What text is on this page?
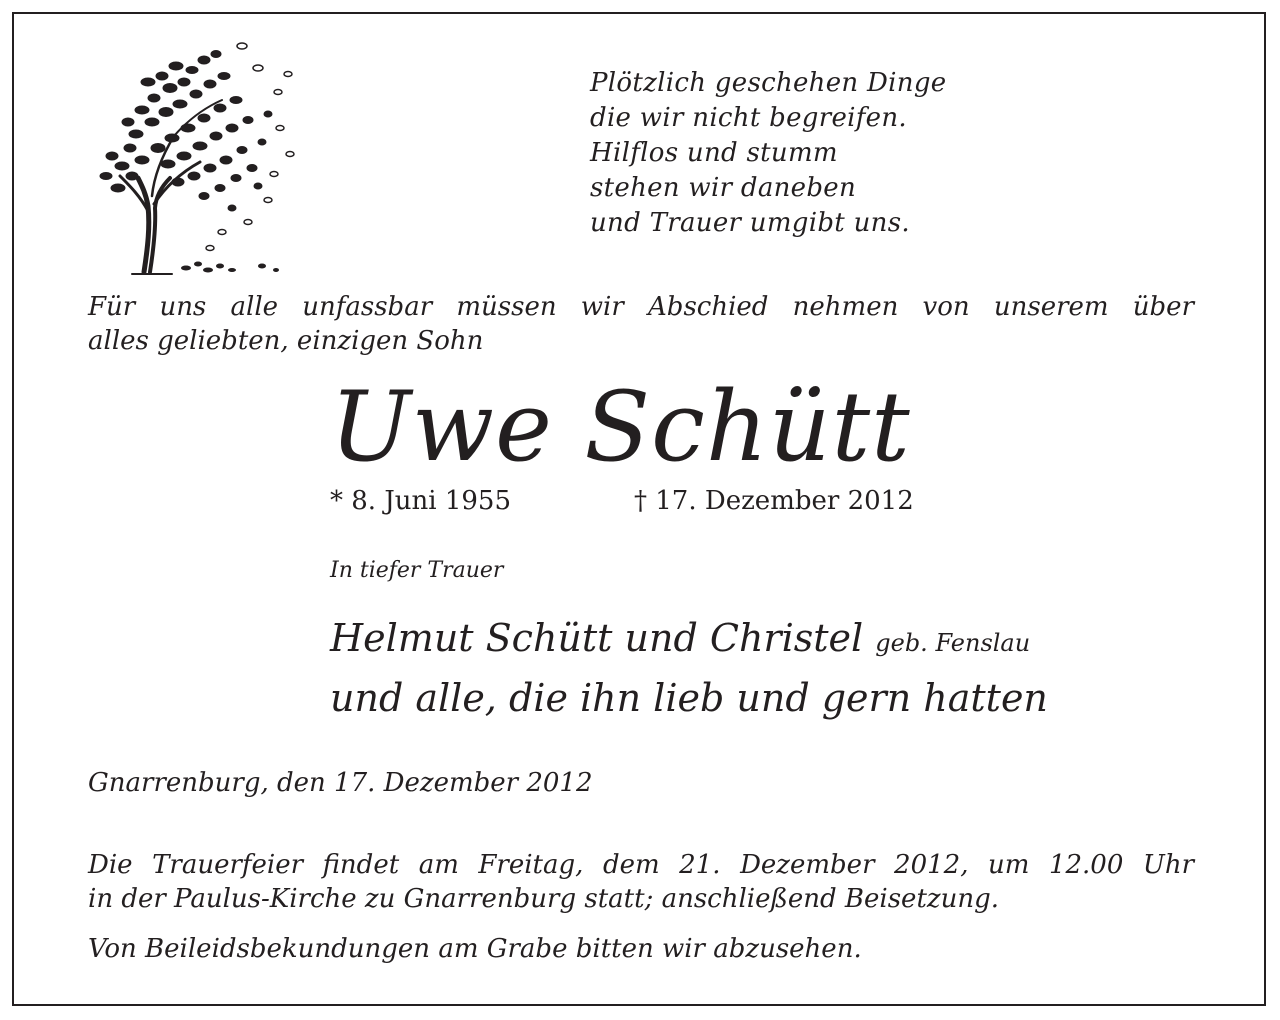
Plötzlich geschehen Dinge
die wir nicht begreifen.
Hilflos und stumm
stehen wir daneben
und Trauer umgibt uns.
Für uns alle unfassbar müssen wir Abschied nehmen von unserem über
alles geliebten, einzigen Sohn
Uwe Schütt
* 8. Juni 1955	† 17. Dezember 2012
In tiefer Trauer
Helmut Schütt und Christel geb. Fenslau
und alle, die ihn lieb und gern hatten
Gnarrenburg, den 17. Dezember 2012
Die Trauerfeier findet am Freitag, dem 21. Dezember 2012, um 12.00 Uhr
in der Paulus-Kirche zu Gnarrenburg statt; anschließend Beisetzung.
Von Beileidsbekundungen am Grabe bitten wir abzusehen.
